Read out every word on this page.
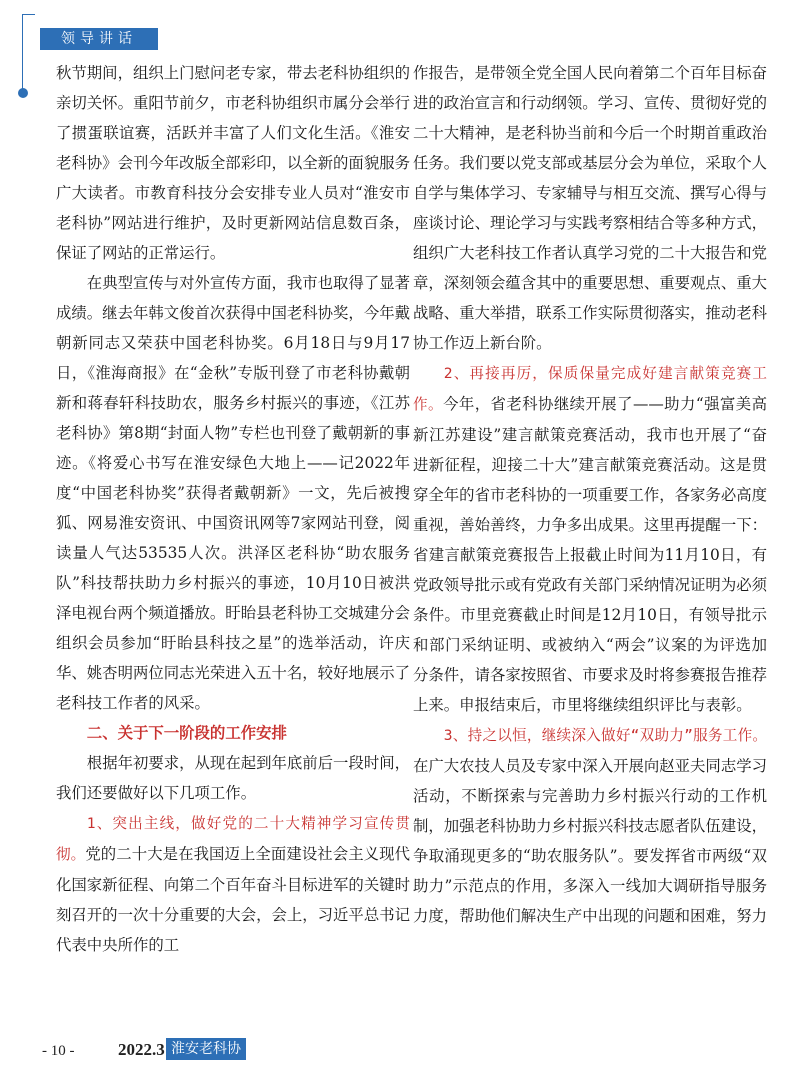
领导讲话

秋节期间，组织上门慰问老专家，带去老科协组织的亲切关怀。重阳节前夕，市老科协组织市属分会举行了掼蛋联谊赛，活跃并丰富了人们文化生活。《淮安老科协》会刊今年改版全部彩印，以全新的面貌服务广大读者。市教育科技分会安排专业人员对“淮安市老科协”网站进行维护，及时更新网站信息数百条，保证了网站的正常运行。

在典型宣传与对外宣传方面，我市也取得了显著成绩。继去年韩文俊首次获得中国老科协奖，今年戴朝新同志又荣获中国老科协奖。6月18日与9月17日，《淮海商报》在“金秋”专版刊登了市老科协戴朝新和蒋春轩科技助农，服务乡村振兴的事迹，《江苏老科协》第8期“封面人物”专栏也刊登了戴朝新的事迹。《将爱心书写在淮安绿色大地上——记2022年度“中国老科协奖”获得者戴朝新》一文，先后被搜狐、网易淮安资讯、中国资讯网等7家网站刊登，阅读量人气达53535人次。洪泽区老科协“助农服务队”科技帮扶助力乡村振兴的事迹，10月10日被洪泽电视台两个频道播放。盱眙县老科协工交城建分会组织会员参加“盱眙县科技之星”的选举活动，许庆华、姚杏明两位同志光荣进入五十名，较好地展示了老科技工作者的风采。

二、关于下一阶段的工作安排

根据年初要求，从现在起到年底前后一段时间，我们还要做好以下几项工作。

1、突出主线，做好党的二十大精神学习宣传贯彻。党的二十大是在我国迈上全面建设社会主义现代化国家新征程、向第二个百年奋斗目标进军的关键时刻召开的一次十分重要的大会，会上，习近平总书记代表中央所作的工

作报告，是带领全党全国人民向着第二个百年目标奋进的政治宣言和行动纲领。学习、宣传、贯彻好党的二十大精神，是老科协当前和今后一个时期首重政治任务。我们要以党支部或基层分会为单位，采取个人自学与集体学习、专家辅导与相互交流、撰写心得与座谈讨论、理论学习与实践考察相结合等多种方式，组织广大老科技工作者认真学习党的二十大报告和党章，深刻领会蕴含其中的重要思想、重要观点、重大战略、重大举措，联系工作实际贯彻落实，推动老科协工作迈上新台阶。

2、再接再厉，保质保量完成好建言献策竞赛工作。今年，省老科协继续开展了——助力“强富美高新江苏建设”建言献策竞赛活动，我市也开展了“奋进新征程，迎接二十大”建言献策竞赛活动。这是贯穿全年的省市老科协的一项重要工作，各家务必高度重视，善始善终，力争多出成果。这里再提醒一下：省建言献策竞赛报告上报截止时间为11月10日，有党政领导批示或有党政有关部门采纳情况证明为必须条件。市里竞赛截止时间是12月10日，有领导批示和部门采纳证明、或被纳入“两会”议案的为评选加分条件，请各家按照省、市要求及时将参赛报告推荐上来。申报结束后，市里将继续组织评比与表彰。

3、持之以恒，继续深入做好“双助力”服务工作。在广大农技人员及专家中深入开展向赵亚夫同志学习活动，不断探索与完善助力乡村振兴行动的工作机制，加强老科协助力乡村振兴科技志愿者队伍建设，争取涌现更多的“助农服务队”。要发挥省市两级“双助力”示范点的作用，多深入一线加大调研指导服务力度，帮助他们解决生产中出现的问题和困难，努力

- 10 -	2022.3 淮安老科协
